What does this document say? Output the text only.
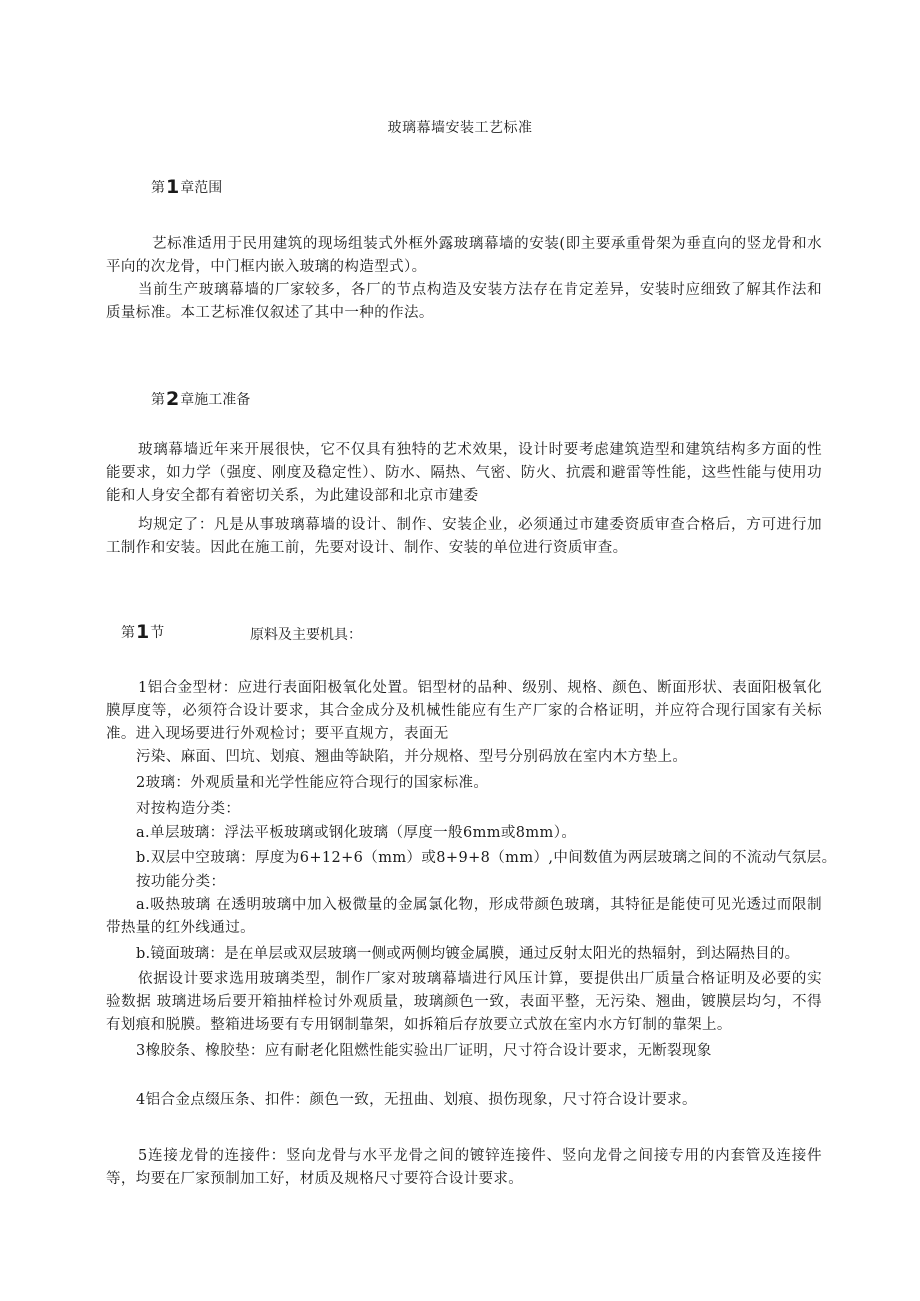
玻璃幕墙安装工艺标准
第1章范围
艺标准适用于民用建筑的现场组装式外框外露玻璃幕墙的安装(即主要承重骨架为垂直向的竖龙骨和水平向的次龙骨，中门框内嵌入玻璃的构造型式）。
当前生产玻璃幕墙的厂家较多，各厂的节点构造及安装方法存在肯定差异，安装时应细致了解其作法和质量标准。本工艺标准仅叙述了其中一种的作法。
第2章施工准备
玻璃幕墙近年来开展很快，它不仅具有独特的艺术效果，设计时要考虑建筑造型和建筑结构多方面的性能要求，如力学（强度、刚度及稳定性）、防水、隔热、气密、防火、抗震和避雷等性能，这些性能与使用功能和人身安全都有着密切关系，为此建设部和北京市建委
均规定了：凡是从事玻璃幕墙的设计、制作、安装企业，必须通过市建委资质审查合格后，方可进行加工制作和安装。因此在施工前，先要对设计、制作、安装的单位进行资质审查。
第1节	原料及主要机具：
1铝合金型材：应进行表面阳极氧化处置。铝型材的品种、级别、规格、颜色、断面形状、表面阳极氧化膜厚度等，必须符合设计要求，其合金成分及机械性能应有生产厂家的合格证明，并应符合现行国家有关标准。进入现场要进行外观检讨；要平直规方，表面无
污染、麻面、凹坑、划痕、翘曲等缺陷，并分规格、型号分别码放在室内木方垫上。
2玻璃：外观质量和光学性能应符合现行的国家标准。
对按构造分类：
a.单层玻璃：浮法平板玻璃或钢化玻璃（厚度一般6mm或8mm）。
b.双层中空玻璃：厚度为6+12+6（mm）或8+9+8（mm）,中间数值为两层玻璃之间的不流动气氛层。
按功能分类：
a.吸热玻璃 在透明玻璃中加入极微量的金属氯化物，形成带颜色玻璃，其特征是能使可见光透过而限制带热量的红外线通过。
b.镜面玻璃：是在单层或双层玻璃一侧或两侧均镀金属膜，通过反射太阳光的热辐射，到达隔热目的。
依据设计要求选用玻璃类型，制作厂家对玻璃幕墙进行风压计算，要提供出厂质量合格证明及必要的实验数据 玻璃进场后要开箱抽样检讨外观质量，玻璃颜色一致，表面平整，无污染、翘曲，镀膜层均匀，不得有划痕和脱膜。整箱进场要有专用钢制靠架，如拆箱后存放要立式放在室内水方钉制的靠架上。
3橡胶条、橡胶垫：应有耐老化阻燃性能实验出厂证明，尺寸符合设计要求，无断裂现象
4铝合金点缀压条、扣件：颜色一致，无扭曲、划痕、损伤现象，尺寸符合设计要求。
5连接龙骨的连接件：竖向龙骨与水平龙骨之间的镀锌连接件、竖向龙骨之间接专用的内套管及连接件等，均要在厂家预制加工好，材质及规格尺寸要符合设计要求。
